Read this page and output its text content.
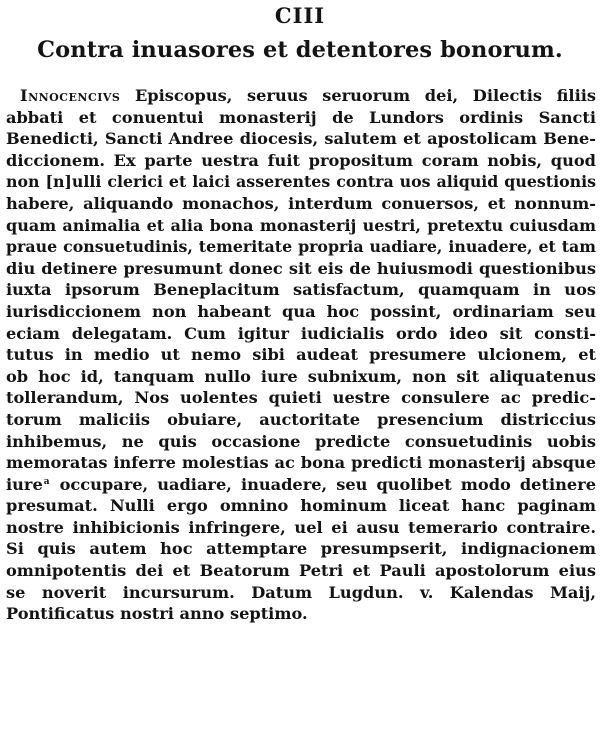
CIII
Contra inuasores et detentores bonorum.
Innocencivs Episcopus, seruus seruorum dei, Dilectis filiis
abbati et conuentui monasterij de Lundors ordinis Sancti
Benedicti, Sancti Andree diocesis, salutem et apostolicam Bene-
diccionem. Ex parte uestra fuit propositum coram nobis, quod
non [n]ulli clerici et laici asserentes contra uos aliquid questionis
habere, aliquando monachos, interdum conuersos, et nonnum-
quam animalia et alia bona monasterij uestri, pretextu cuiusdam
praue consuetudinis, temeritate propria uadiare, inuadere, et tam
diu detinere presumunt donec sit eis de huiusmodi questionibus
iuxta ipsorum Beneplacitum satisfactum, quamquam in uos
iurisdiccionem non habeant qua hoc possint, ordinariam seu
eciam delegatam. Cum igitur iudicialis ordo ideo sit consti-
tutus in medio ut nemo sibi audeat presumere ulcionem, et
ob hoc id, tanquam nullo iure subnixum, non sit aliquatenus
tollerandum, Nos uolentes quieti uestre consulere ac predic-
torum maliciis obuiare, auctoritate presencium districcius
inhibemus, ne quis occasione predicte consuetudinis uobis
memoratas inferre molestias ac bona predicti monasterij absque
iure$^a$ occupare, uadiare, inuadere, seu quolibet modo detinere
presumat. Nulli ergo omnino hominum liceat hanc paginam
nostre inhibicionis infringere, uel ei ausu temerario contraire.
Si quis autem hoc attemptare presumpserit, indignacionem
omnipotentis dei et Beatorum Petri et Pauli apostolorum eius
se noverit incursurum. Datum Lugdun. v. Kalendas Maij,
Pontificatus nostri anno septimo.
